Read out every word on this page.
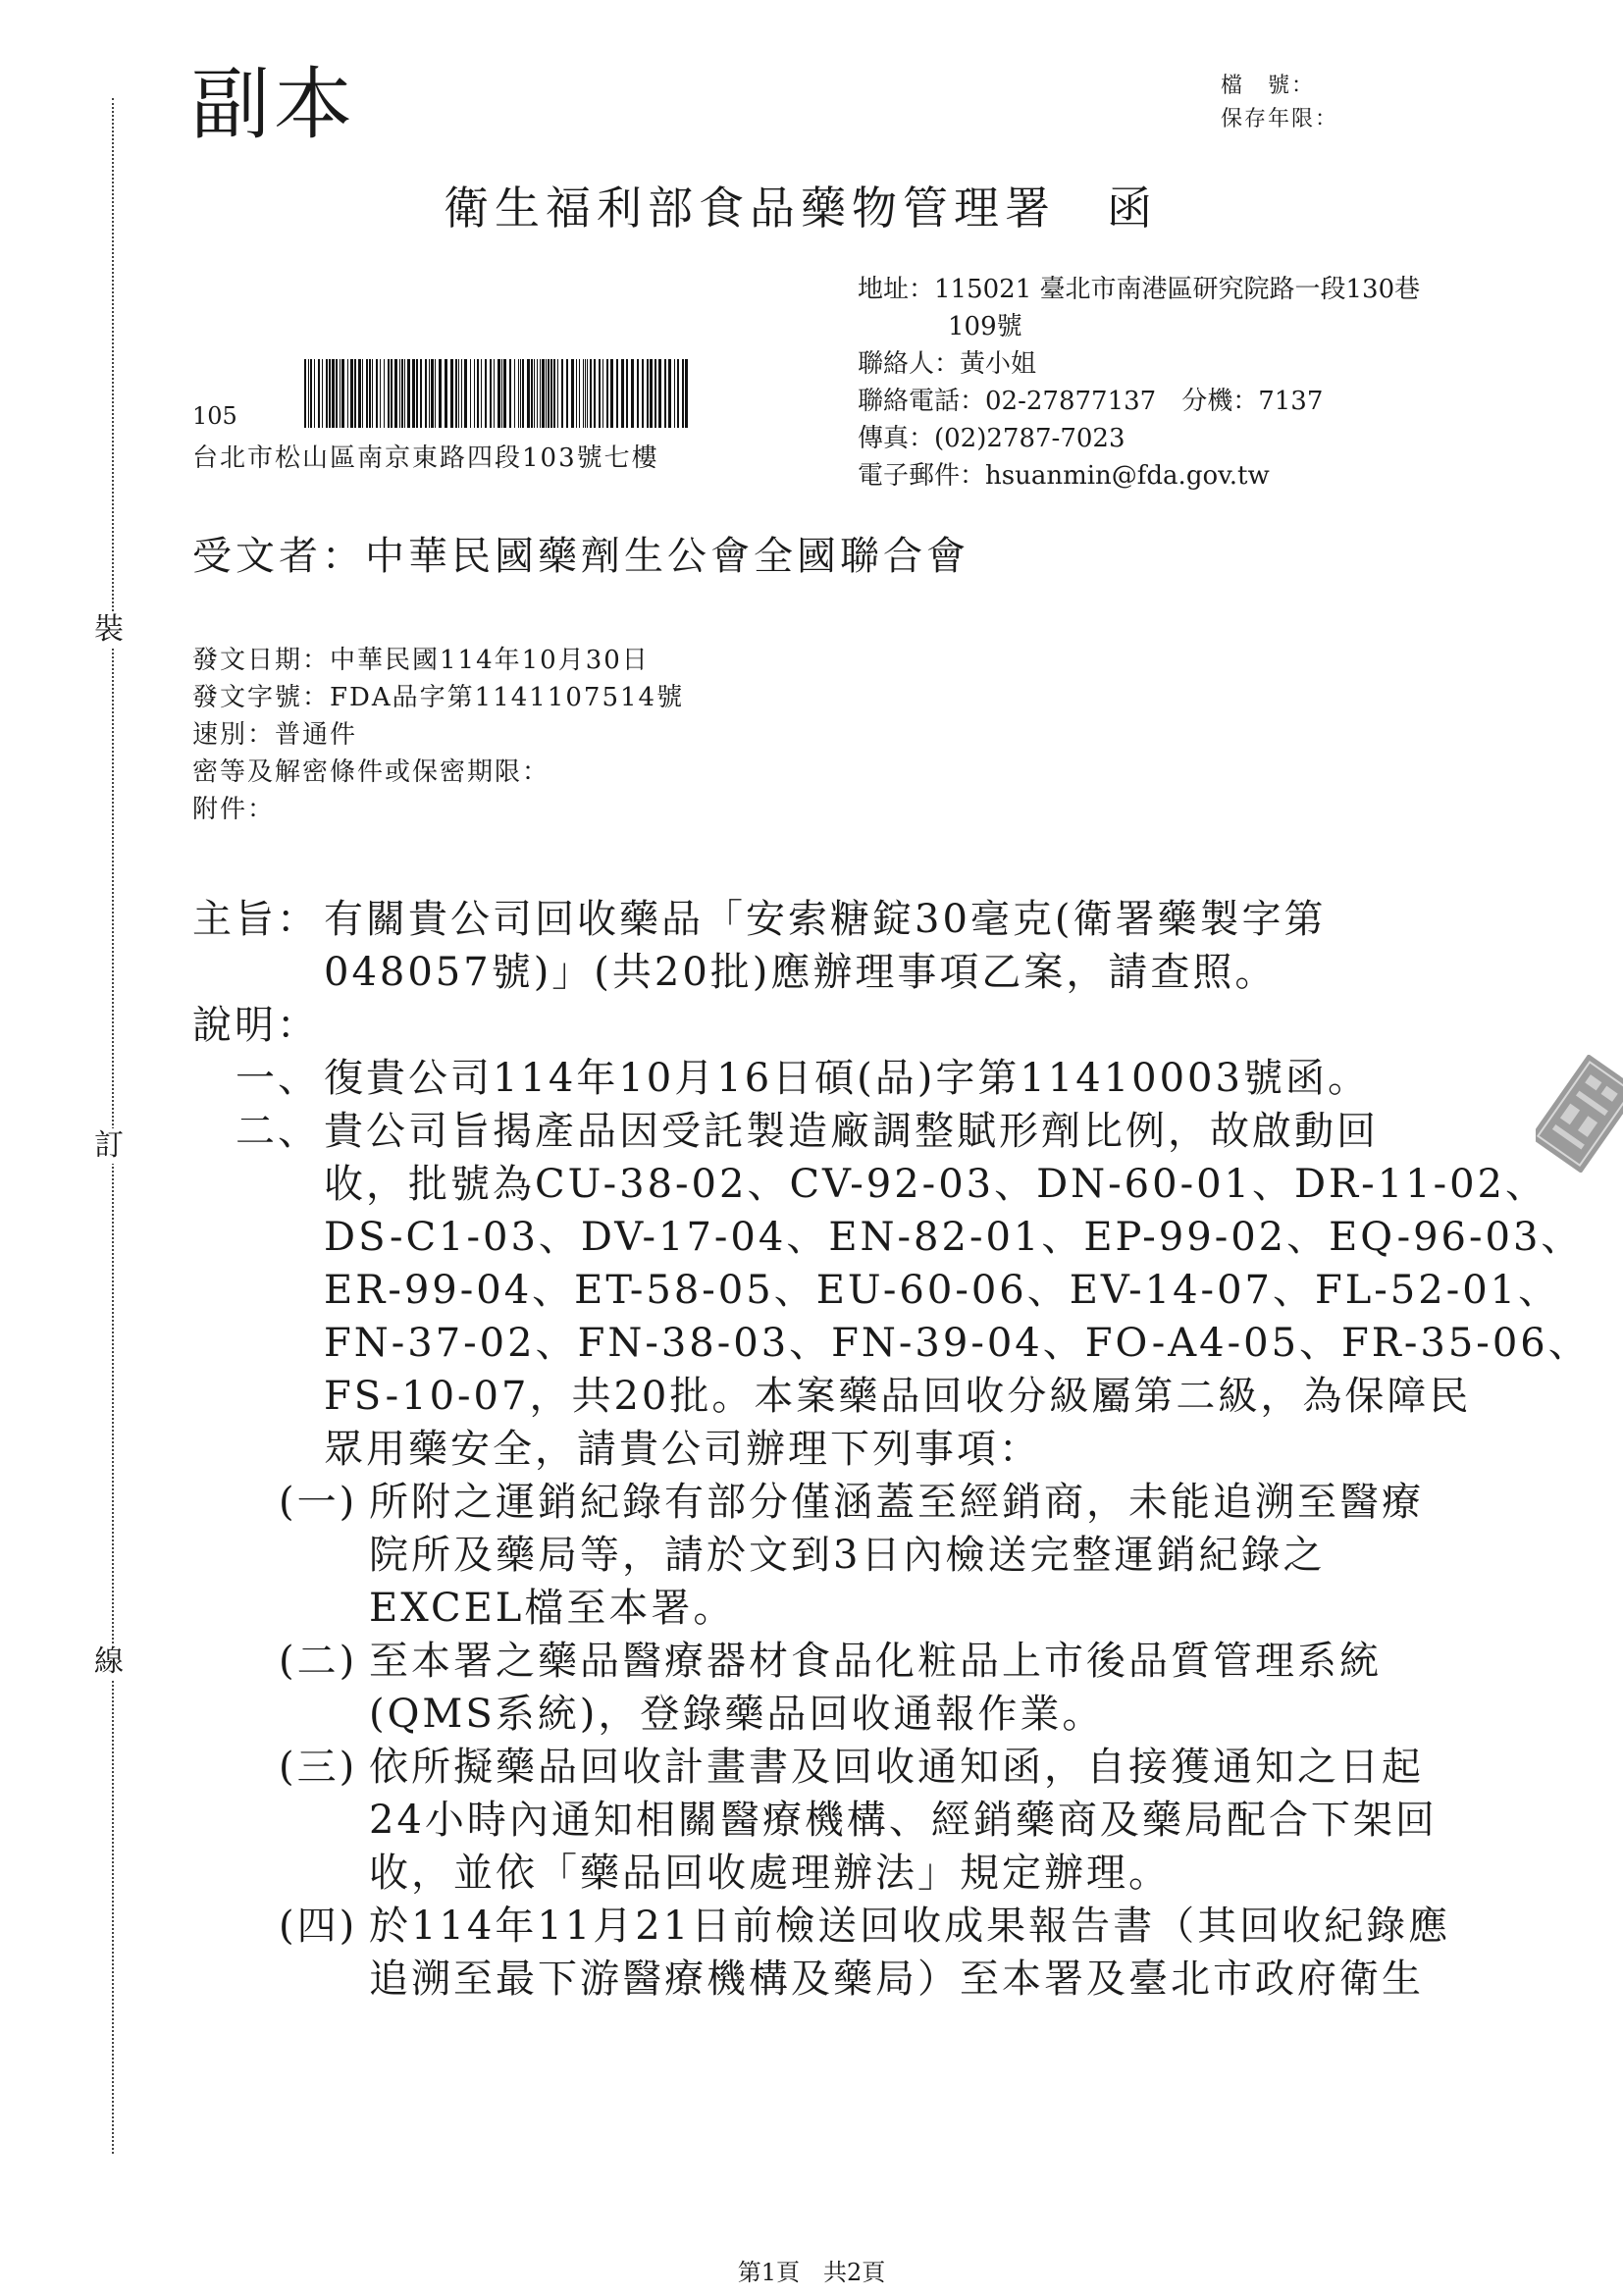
裝
訂
線
副本	檔　號：
保存年限：
衛生福利部食品藥物管理署　函
地址：115021 臺北市南港區研究院路一段130巷
109號
聯絡人：黃小姐
聯絡電話：02-27877137　分機：7137
傳真：(02)2787-7023
電子郵件：hsuanmin@fda.gov.tw
105
台北市松山區南京東路四段103號七樓
受文者：中華民國藥劑生公會全國聯合會
發文日期：中華民國114年10月30日
發文字號：FDA品字第1141107514號
速別：普通件
密等及解密條件或保密期限：
附件：
主旨： 有關貴公司回收藥品「安索糖錠30毫克(衛署藥製字第
048057號)」(共20批)應辦理事項乙案，請查照。
說明：
一、 復貴公司114年10月16日碩(品)字第11410003號函。
二、 貴公司旨揭產品因受託製造廠調整賦形劑比例，故啟動回
收，批號為CU-38-02、CV-92-03、DN-60-01、DR-11-02、
DS-C1-03、DV-17-04、EN-82-01、EP-99-02、EQ-96-03、
ER-99-04、ET-58-05、EU-60-06、EV-14-07、FL-52-01、
FN-37-02、FN-38-03、FN-39-04、FO-A4-05、FR-35-06、
FS-10-07，共20批。本案藥品回收分級屬第二級，為保障民
眾用藥安全，請貴公司辦理下列事項：
(一) 所附之運銷紀錄有部分僅涵蓋至經銷商，未能追溯至醫療
院所及藥局等，請於文到3日內檢送完整運銷紀錄之
EXCEL檔至本署。
(二) 至本署之藥品醫療器材食品化粧品上市後品質管理系統
(QMS系統)，登錄藥品回收通報作業。
(三) 依所擬藥品回收計畫書及回收通知函，自接獲通知之日起
24小時內通知相關醫療機構、經銷藥商及藥局配合下架回
收，並依「藥品回收處理辦法」規定辦理。
(四) 於114年11月21日前檢送回收成果報告書（其回收紀錄應
追溯至最下游醫療機構及藥局）至本署及臺北市政府衛生
第1頁　共2頁
